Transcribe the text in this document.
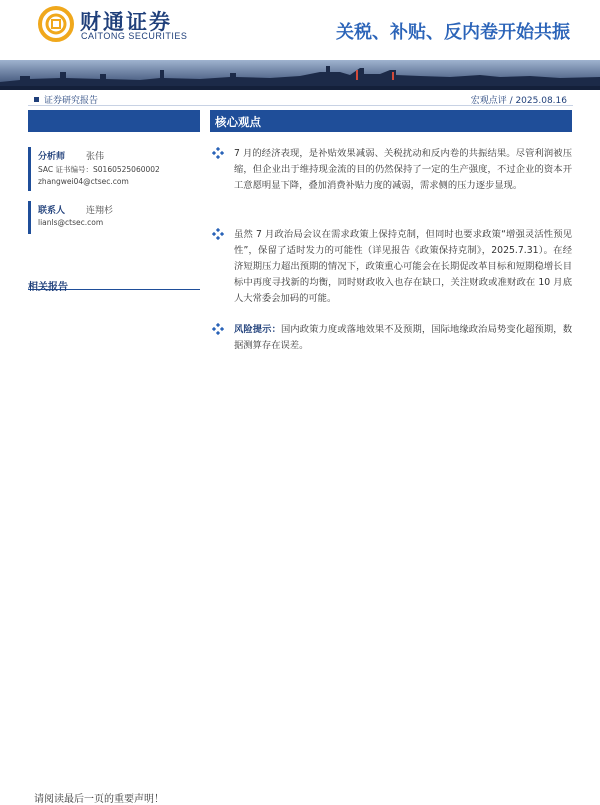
财通证券
CAITONG SECURITIES	关税、补贴、反内卷开始共振
证券研究报告	宏观点评 / 2025.08.16
分析师 张伟
SAC 证书编号：S0160525060002
zhangwei04@ctsec.com
联系人 连翔杉
lianls@ctsec.com
相关报告
核心观点
7 月的经济表现，是补贴效果减弱、关税扰动和反内卷的共振结果。尽管利润被压缩，但企业出于维持现金流的目的仍然保持了一定的生产强度，不过企业的资本开工意愿明显下降，叠加消费补贴力度的减弱，需求侧的压力逐步显现。
虽然 7 月政治局会议在需求政策上保持克制，但同时也要求政策“增强灵活性预见性”，保留了适时发力的可能性（详见报告《政策保持克制》，2025.7.31）。在经济短期压力超出预期的情况下，政策重心可能会在长期促改革目标和短期稳增长目标中再度寻找新的均衡，同时财政收入也存在缺口，关注财政或准财政在 10 月底人大常委会加码的可能。
风险提示：国内政策力度或落地效果不及预期，国际地缘政治局势变化超预期，数据测算存在误差。
请阅读最后一页的重要声明！
